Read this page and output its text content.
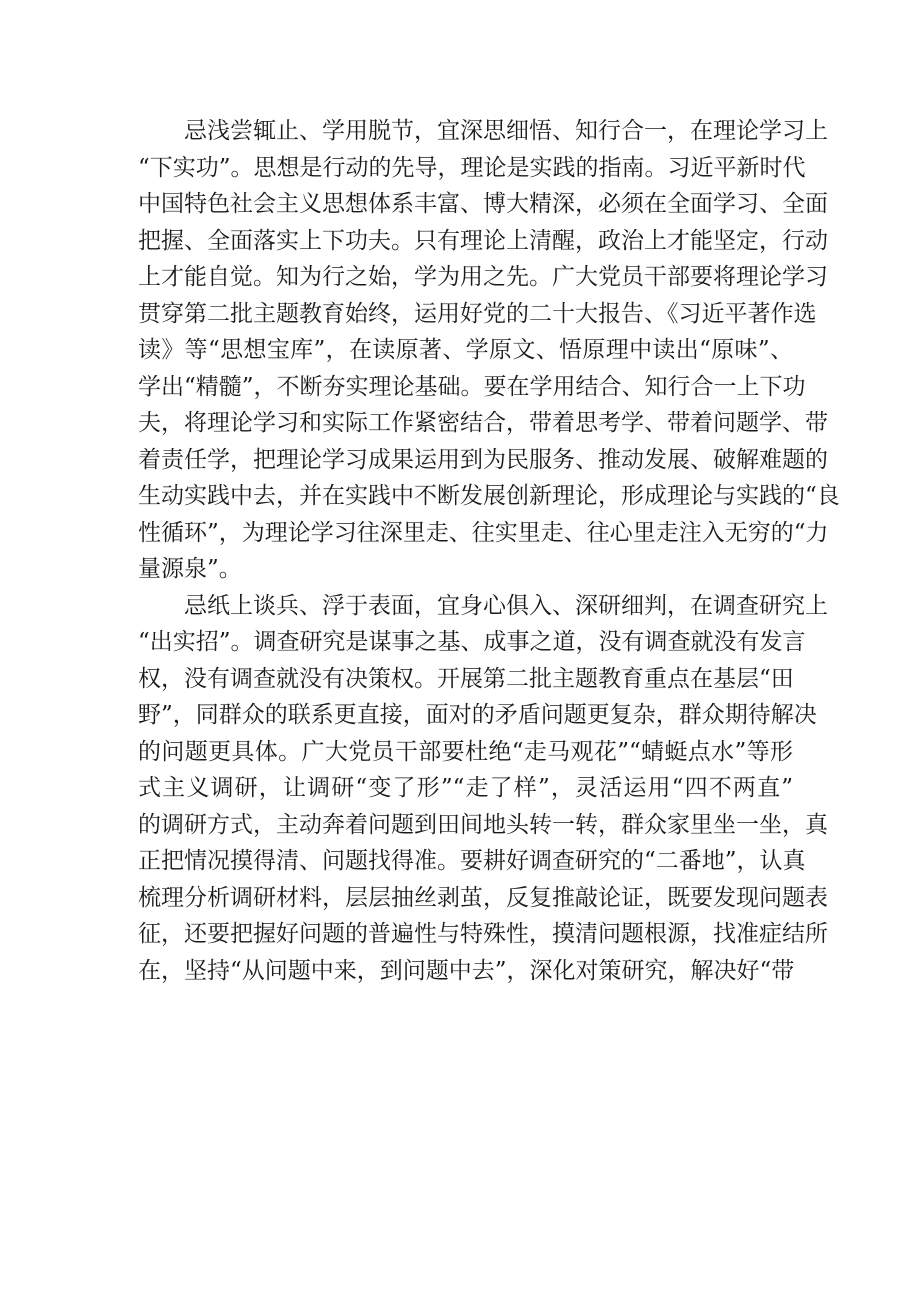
忌浅尝辄止、学用脱节，宜深思细悟、知行合一，在理论学习上
“下实功”。思想是行动的先导，理论是实践的指南。习近平新时代
中国特色社会主义思想体系丰富、博大精深，必须在全面学习、全面
把握、全面落实上下功夫。只有理论上清醒，政治上才能坚定，行动
上才能自觉。知为行之始，学为用之先。广大党员干部要将理论学习
贯穿第二批主题教育始终，运用好党的二十大报告、《习近平著作选
读》等“思想宝库”，在读原著、学原文、悟原理中读出“原味”、
学出“精髓”，不断夯实理论基础。要在学用结合、知行合一上下功
夫，将理论学习和实际工作紧密结合，带着思考学、带着问题学、带
着责任学，把理论学习成果运用到为民服务、推动发展、破解难题的
生动实践中去，并在实践中不断发展创新理论，形成理论与实践的“良
性循环”，为理论学习往深里走、往实里走、往心里走注入无穷的“力
量源泉”。
忌纸上谈兵、浮于表面，宜身心俱入、深研细判，在调查研究上
“出实招”。调查研究是谋事之基、成事之道，没有调查就没有发言
权，没有调查就没有决策权。开展第二批主题教育重点在基层“田
野”，同群众的联系更直接，面对的矛盾问题更复杂，群众期待解决
的问题更具体。广大党员干部要杜绝“走马观花”“蜻蜓点水”等形
式主义调研，让调研“变了形”“走了样”，灵活运用“四不两直”
的调研方式，主动奔着问题到田间地头转一转，群众家里坐一坐，真
正把情况摸得清、问题找得准。要耕好调查研究的“二番地”，认真
梳理分析调研材料，层层抽丝剥茧，反复推敲论证，既要发现问题表
征，还要把握好问题的普遍性与特殊性，摸清问题根源，找准症结所
在，坚持“从问题中来，到问题中去”，深化对策研究，解决好“带
